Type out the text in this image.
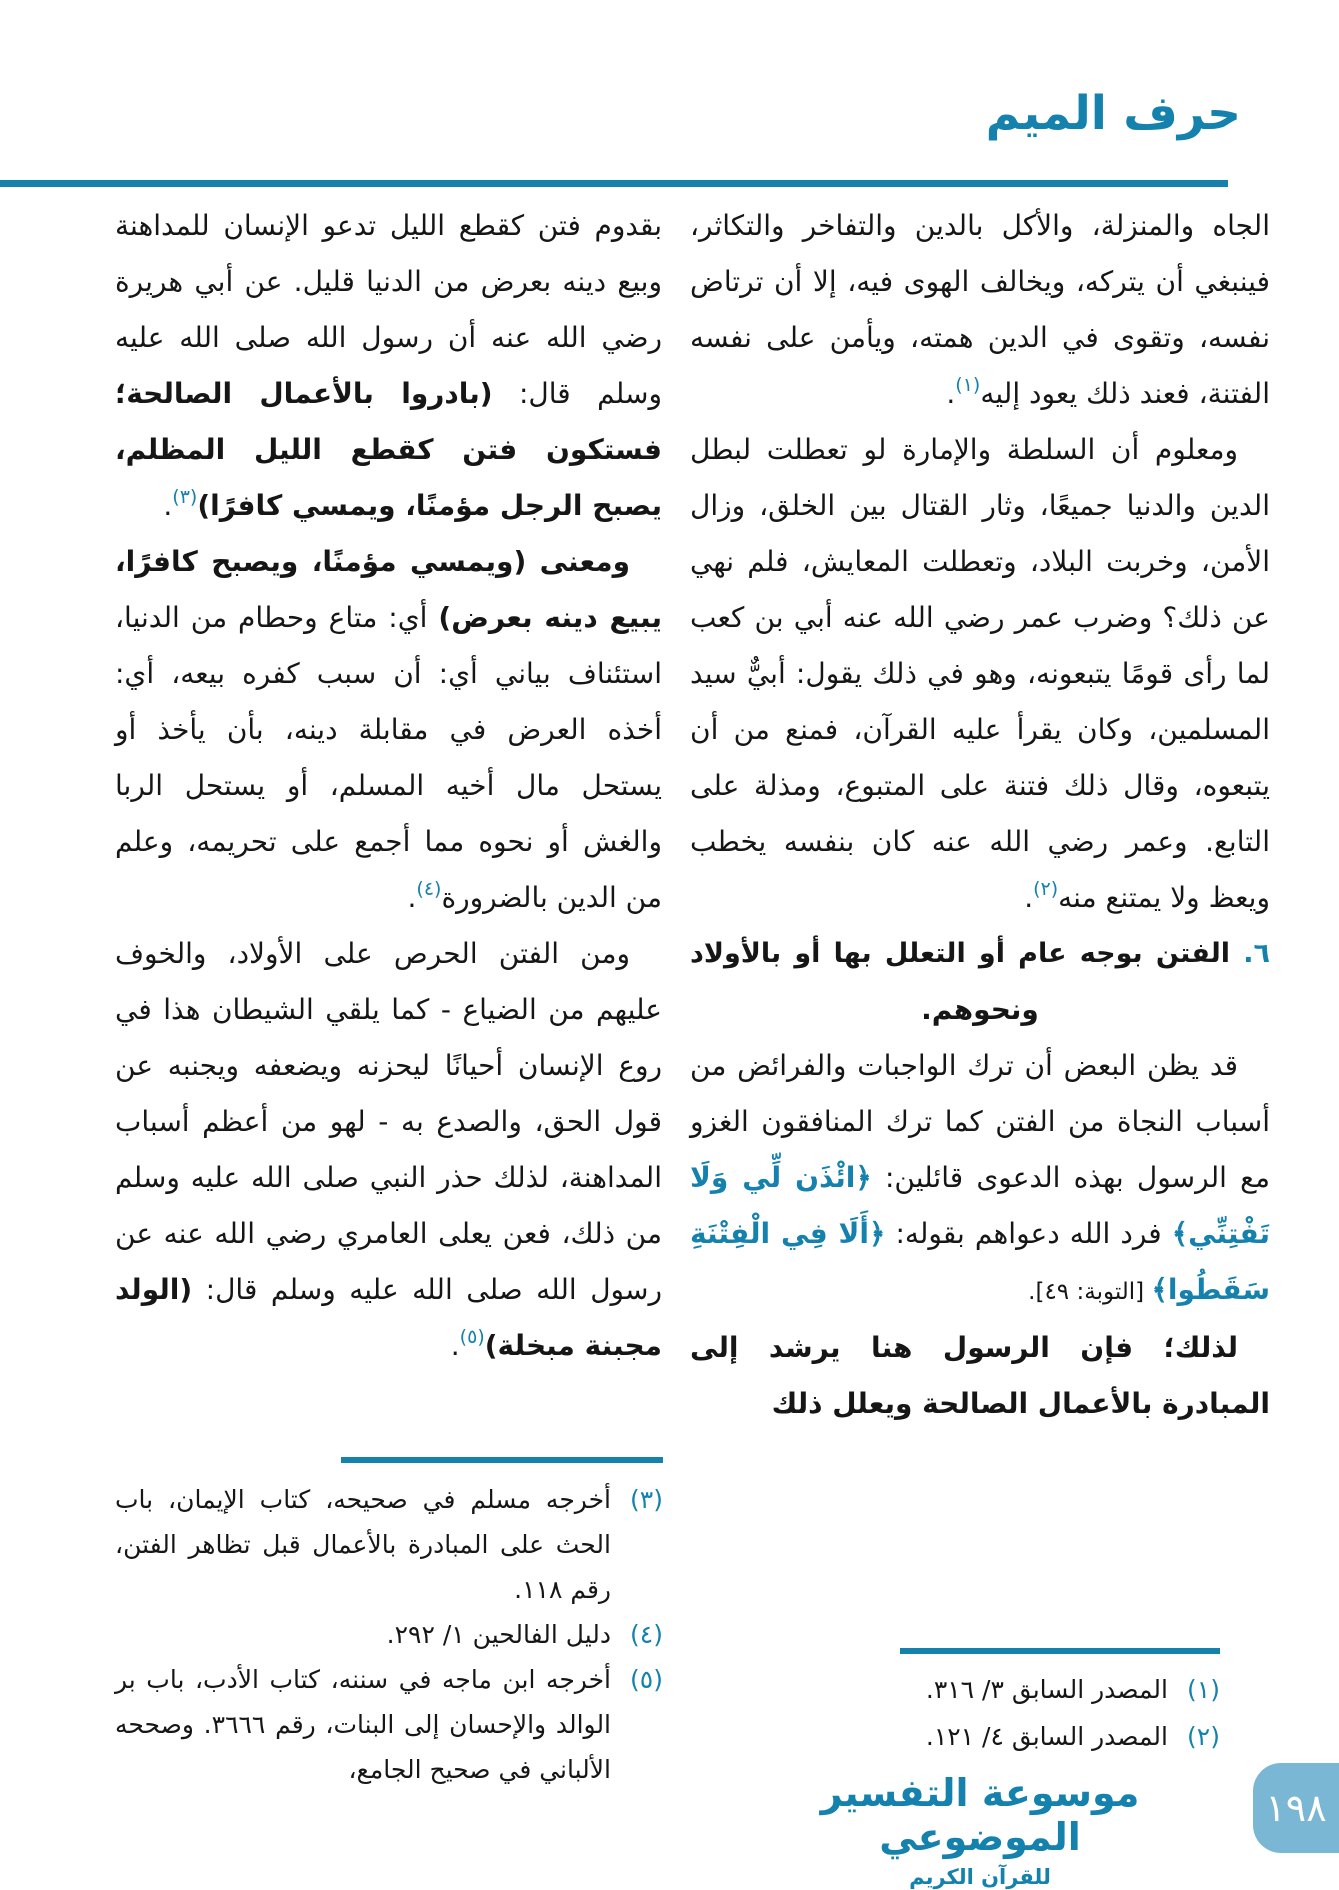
حرف الميم

الجاه والمنزلة، والأكل بالدين والتفاخر والتكاثر، فينبغي أن يتركه، ويخالف الهوى فيه، إلا أن ترتاض نفسه، وتقوى في الدين همته، ويأمن على نفسه الفتنة، فعند ذلك يعود إليه$^{(١)}$.

ومعلوم أن السلطة والإمارة لو تعطلت لبطل الدين والدنيا جميعًا، وثار القتال بين الخلق، وزال الأمن، وخربت البلاد، وتعطلت المعايش، فلم نهي عن ذلك؟ وضرب عمر رضي الله عنه أبي بن كعب لما رأى قومًا يتبعونه، وهو في ذلك يقول: أبيٌّ سيد المسلمين، وكان يقرأ عليه القرآن، فمنع من أن يتبعوه، وقال ذلك فتنة على المتبوع، ومذلة على التابع. وعمر رضي الله عنه كان بنفسه يخطب ويعظ ولا يمتنع منه$^{(٢)}$.

٦. الفتن بوجه عام أو التعلل بها أو بالأولاد

ونحوهم.

قد يظن البعض أن ترك الواجبات والفرائض من أسباب النجاة من الفتن كما ترك المنافقون الغزو مع الرسول بهذه الدعوى قائلين: ﴿ائْذَن لِّي وَلَا تَفْتِنِّي﴾ فرد الله دعواهم بقوله: ﴿أَلَا فِي الْفِتْنَةِ سَقَطُوا﴾ [التوبة: ٤٩].

لذلك؛ فإن الرسول هنا يرشد إلى المبادرة بالأعمال الصالحة ويعلل ذلك

بقدوم فتن كقطع الليل تدعو الإنسان للمداهنة وبيع دينه بعرض من الدنيا قليل. عن أبي هريرة رضي الله عنه أن رسول الله صلى الله عليه وسلم قال: (بادروا بالأعمال الصالحة؛ فستكون فتن كقطع الليل المظلم، يصبح الرجل مؤمنًا، ويمسي كافرًا)$^{(٣)}$.

ومعنى (ويمسي مؤمنًا، ويصبح كافرًا، يبيع دينه بعرض) أي: متاع وحطام من الدنيا، استئناف بياني أي: أن سبب كفره بيعه، أي: أخذه العرض في مقابلة دينه، بأن يأخذ أو يستحل مال أخيه المسلم، أو يستحل الربا والغش أو نحوه مما أجمع على تحريمه، وعلم من الدين بالضرورة$^{(٤)}$.

ومن الفتن الحرص على الأولاد، والخوف عليهم من الضياع - كما يلقي الشيطان هذا في روع الإنسان أحيانًا ليحزنه ويضعفه ويجنبه عن قول الحق، والصدع به - لهو من أعظم أسباب المداهنة، لذلك حذر النبي صلى الله عليه وسلم من ذلك، فعن يعلى العامري رضي الله عنه عن رسول الله صلى الله عليه وسلم قال: (الولد مجبنة مبخلة)$^{(٥)}$.

(١)
المصدر السابق ٣/ ٣١٦.
(٢)
المصدر السابق ٤/ ١٢١.
(٣)
أخرجه مسلم في صحيحه، كتاب الإيمان، باب الحث على المبادرة بالأعمال قبل تظاهر الفتن، رقم ١١٨.
(٤)
دليل الفالحين ١/ ٢٩٢.
(٥)
أخرجه ابن ماجه في سننه، كتاب الأدب، باب بر الوالد والإحسان إلى البنات، رقم ٣٦٦٦. وصححه الألباني في صحيح الجامع،
موسوعة التفسير الموضوعي
للقرآن الكريم
١٩٨
